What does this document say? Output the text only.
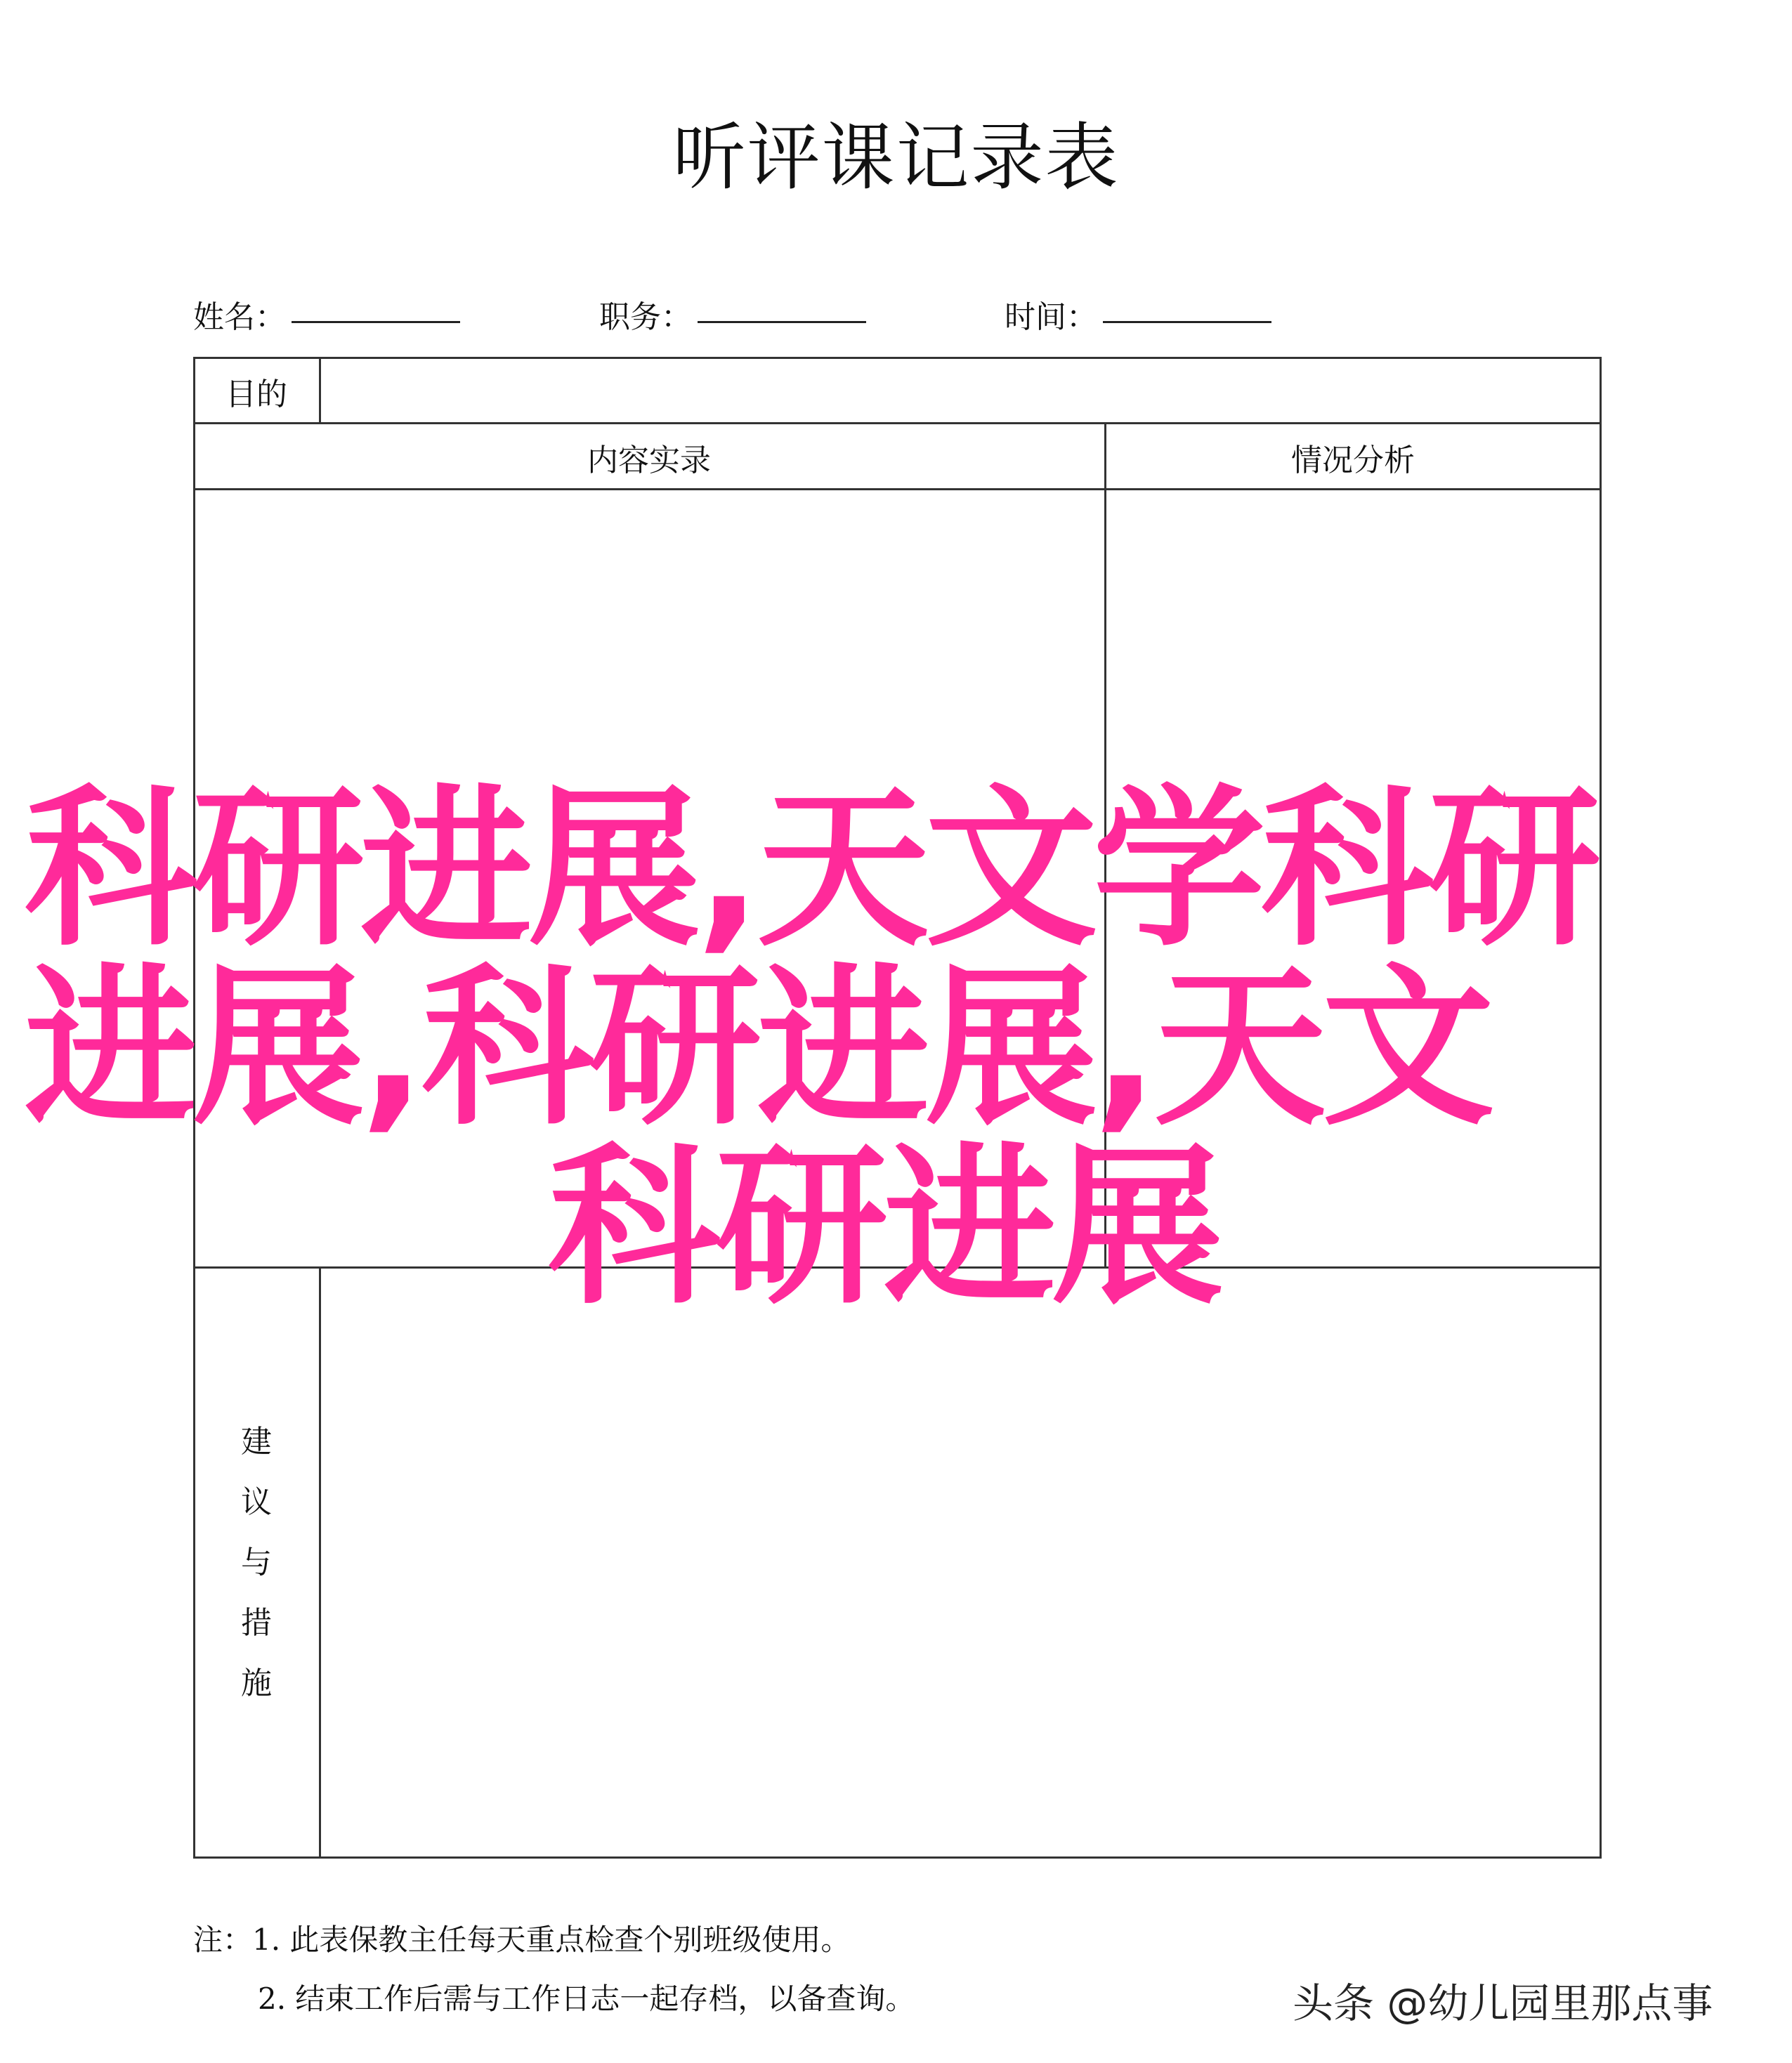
听评课记录表
姓名：	职务：	时间：
目的
内容实录	情况分析
建
议
与
措
施
注：1. 此表保教主任每天重点检查个别班级使用。
2. 结束工作后需与工作日志一起存档，以备查询。
科研进展,天文学科研
进展,科研进展,天文
科研进展
头条 @幼儿园里那点事
